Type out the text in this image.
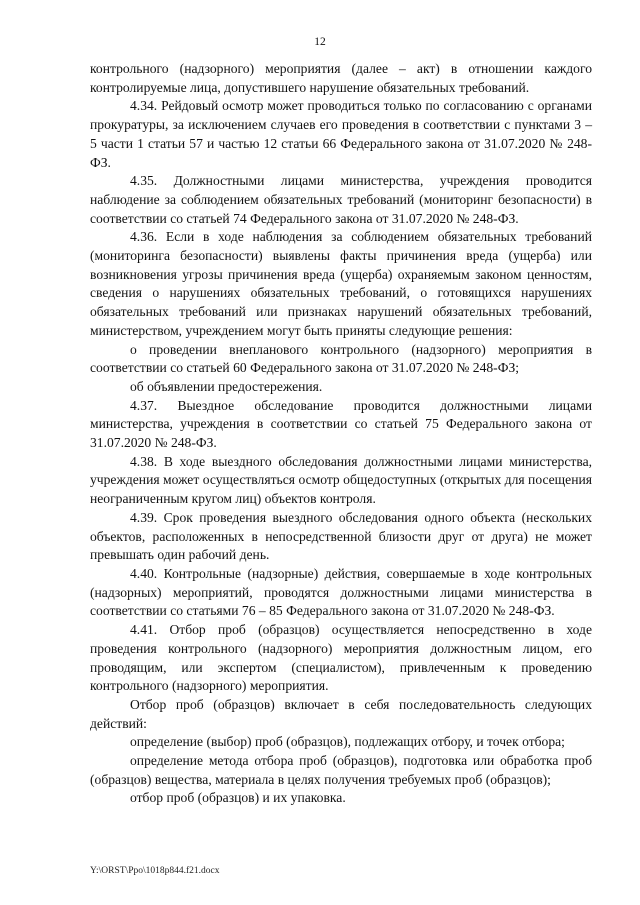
12

контрольного (надзорного) мероприятия (далее – акт) в отношении каждого контролируемые лица, допустившего нарушение обязательных требований.

4.34. Рейдовый осмотр может проводиться только по согласованию с органами прокуратуры, за исключением случаев его проведения в соответствии с пунктами 3 – 5 части 1 статьи 57 и частью 12 статьи 66 Федерального закона от 31.07.2020 № 248-ФЗ.

4.35. Должностными лицами министерства, учреждения проводится наблюдение за соблюдением обязательных требований (мониторинг безопасности) в соответствии со статьей 74 Федерального закона от 31.07.2020 № 248-ФЗ.

4.36. Если в ходе наблюдения за соблюдением обязательных требований (мониторинга безопасности) выявлены факты причинения вреда (ущерба) или возникновения угрозы причинения вреда (ущерба) охраняемым законом ценностям, сведения о нарушениях обязательных требований, о готовящихся нарушениях обязательных требований или признаках нарушений обязательных требований, министерством, учреждением могут быть приняты следующие решения:

о проведении внепланового контрольного (надзорного) мероприятия в соответствии со статьей 60 Федерального закона от 31.07.2020 № 248-ФЗ;

об объявлении предостережения.

4.37. Выездное обследование проводится должностными лицами министерства, учреждения в соответствии со статьей 75 Федерального закона от 31.07.2020 № 248-ФЗ.

4.38. В ходе выездного обследования должностными лицами министерства, учреждения может осуществляться осмотр общедоступных (открытых для посещения неограниченным кругом лиц) объектов контроля.

4.39. Срок проведения выездного обследования одного объекта (нескольких объектов, расположенных в непосредственной близости друг от друга) не может превышать один рабочий день.

4.40. Контрольные (надзорные) действия, совершаемые в ходе контрольных (надзорных) мероприятий, проводятся должностными лицами министерства в соответствии со статьями 76 – 85 Федерального закона от 31.07.2020 № 248-ФЗ.

4.41. Отбор проб (образцов) осуществляется непосредственно в ходе проведения контрольного (надзорного) мероприятия должностным лицом, его проводящим, или экспертом (специалистом), привлеченным к проведению контрольного (надзорного) мероприятия.

Отбор проб (образцов) включает в себя последовательность следующих действий:

определение (выбор) проб (образцов), подлежащих отбору, и точек отбора;

определение метода отбора проб (образцов), подготовка или обработка проб (образцов) вещества, материала в целях получения требуемых проб (образцов);

отбор проб (образцов) и их упаковка.

Y:\ORST\Ppo\1018p844.f21.docx
